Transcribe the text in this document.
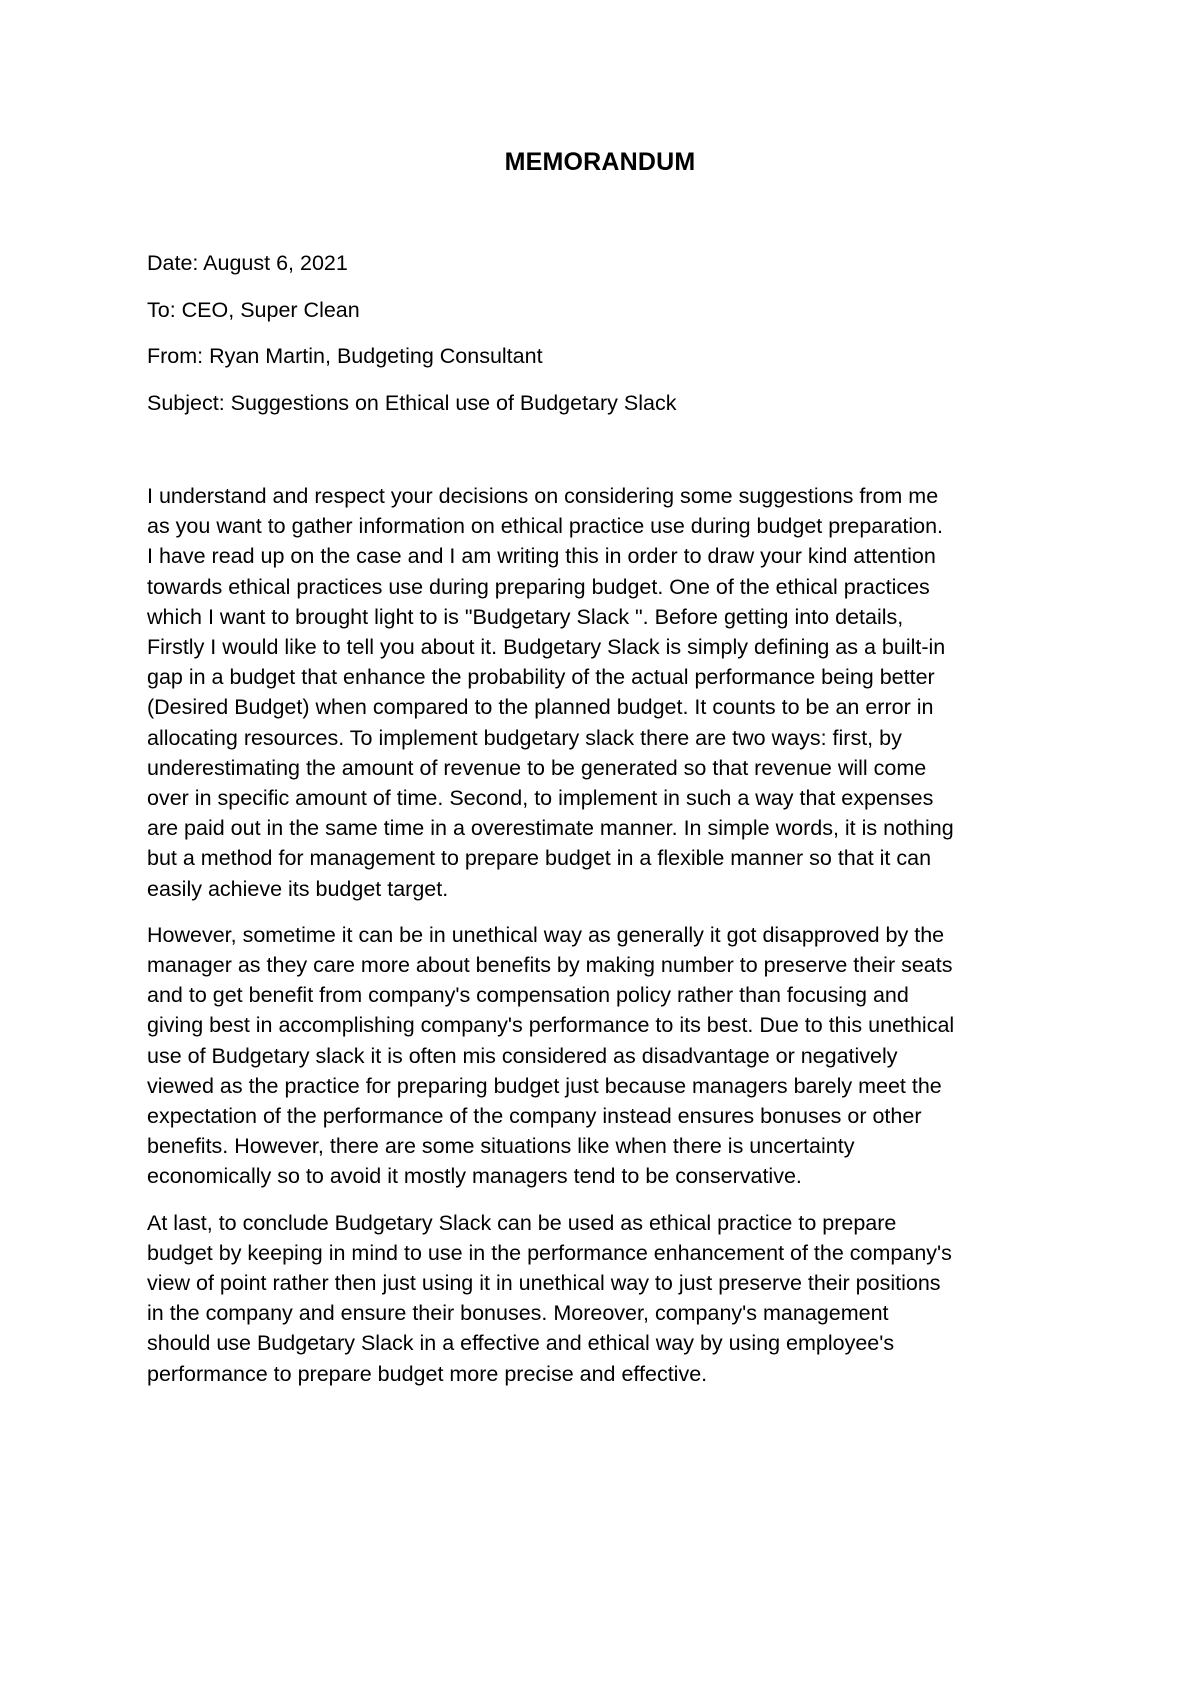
MEMORANDUM
Date: August 6, 2021
To: CEO, Super Clean
From: Ryan Martin, Budgeting Consultant
Subject: Suggestions on Ethical use of Budgetary Slack
I understand and respect your decisions on considering some suggestions from me
as you want to gather information on ethical practice use during budget preparation.
I have read up on the case and I am writing this in order to draw your kind attention
towards ethical practices use during preparing budget. One of the ethical practices
which I want to brought light to is "Budgetary Slack ". Before getting into details,
Firstly I would like to tell you about it. Budgetary Slack is simply defining as a built-in
gap in a budget that enhance the probability of the actual performance being better
(Desired Budget) when compared to the planned budget. It counts to be an error in
allocating resources. To implement budgetary slack there are two ways: first, by
underestimating the amount of revenue to be generated so that revenue will come
over in specific amount of time. Second, to implement in such a way that expenses
are paid out in the same time in a overestimate manner. In simple words, it is nothing
but a method for management to prepare budget in a flexible manner so that it can
easily achieve its budget target.
However, sometime it can be in unethical way as generally it got disapproved by the
manager as they care more about benefits by making number to preserve their seats
and to get benefit from company's compensation policy rather than focusing and
giving best in accomplishing company's performance to its best. Due to this unethical
use of Budgetary slack it is often mis considered as disadvantage or negatively
viewed as the practice for preparing budget just because managers barely meet the
expectation of the performance of the company instead ensures bonuses or other
benefits. However, there are some situations like when there is uncertainty
economically so to avoid it mostly managers tend to be conservative.
At last, to conclude Budgetary Slack can be used as ethical practice to prepare
budget by keeping in mind to use in the performance enhancement of the company's
view of point rather then just using it in unethical way to just preserve their positions
in the company and ensure their bonuses. Moreover, company's management
should use Budgetary Slack in a effective and ethical way by using employee's
performance to prepare budget more precise and effective.
